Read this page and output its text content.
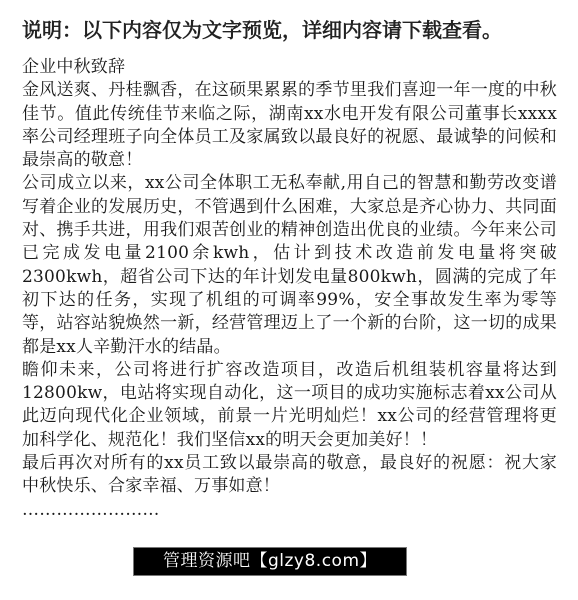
说明：以下内容仅为文字预览，详细内容请下载查看。

企业中秋致辞

金风送爽、丹桂飘香，在这硕果累累的季节里我们喜迎一年一度的中秋佳节。值此传统佳节来临之际，湖南xx水电开发有限公司董事长xxxx率公司经理班子向全体员工及家属致以最良好的祝愿、最诚挚的问候和最崇高的敬意！

公司成立以来，xx公司全体职工无私奉献,用自己的智慧和勤劳改变谱写着企业的发展历史，不管遇到什么困难，大家总是齐心协力、共同面对、携手共进，用我们艰苦创业的精神创造出优良的业绩。今年来公司已完成发电量2100余kwh，估计到技术改造前发电量将突破2300kwh，超省公司下达的年计划发电量800kwh，圆满的完成了年初下达的任务，实现了机组的可调率99%，安全事故发生率为零等等，站容站貌焕然一新，经营管理迈上了一个新的台阶，这一切的成果都是xx人辛勤汗水的结晶。

瞻仰未来，公司将进行扩容改造项目，改造后机组装机容量将达到12800kw，电站将实现自动化，这一项目的成功实施标志着xx公司从此迈向现代化企业领域，前景一片光明灿烂！xx公司的经营管理将更加科学化、规范化！我们坚信xx的明天会更加美好！！

最后再次对所有的xx员工致以最崇高的敬意，最良好的祝愿：祝大家中秋快乐、合家幸福、万事如意！

……………………

管理资源吧【glzy8.com】
